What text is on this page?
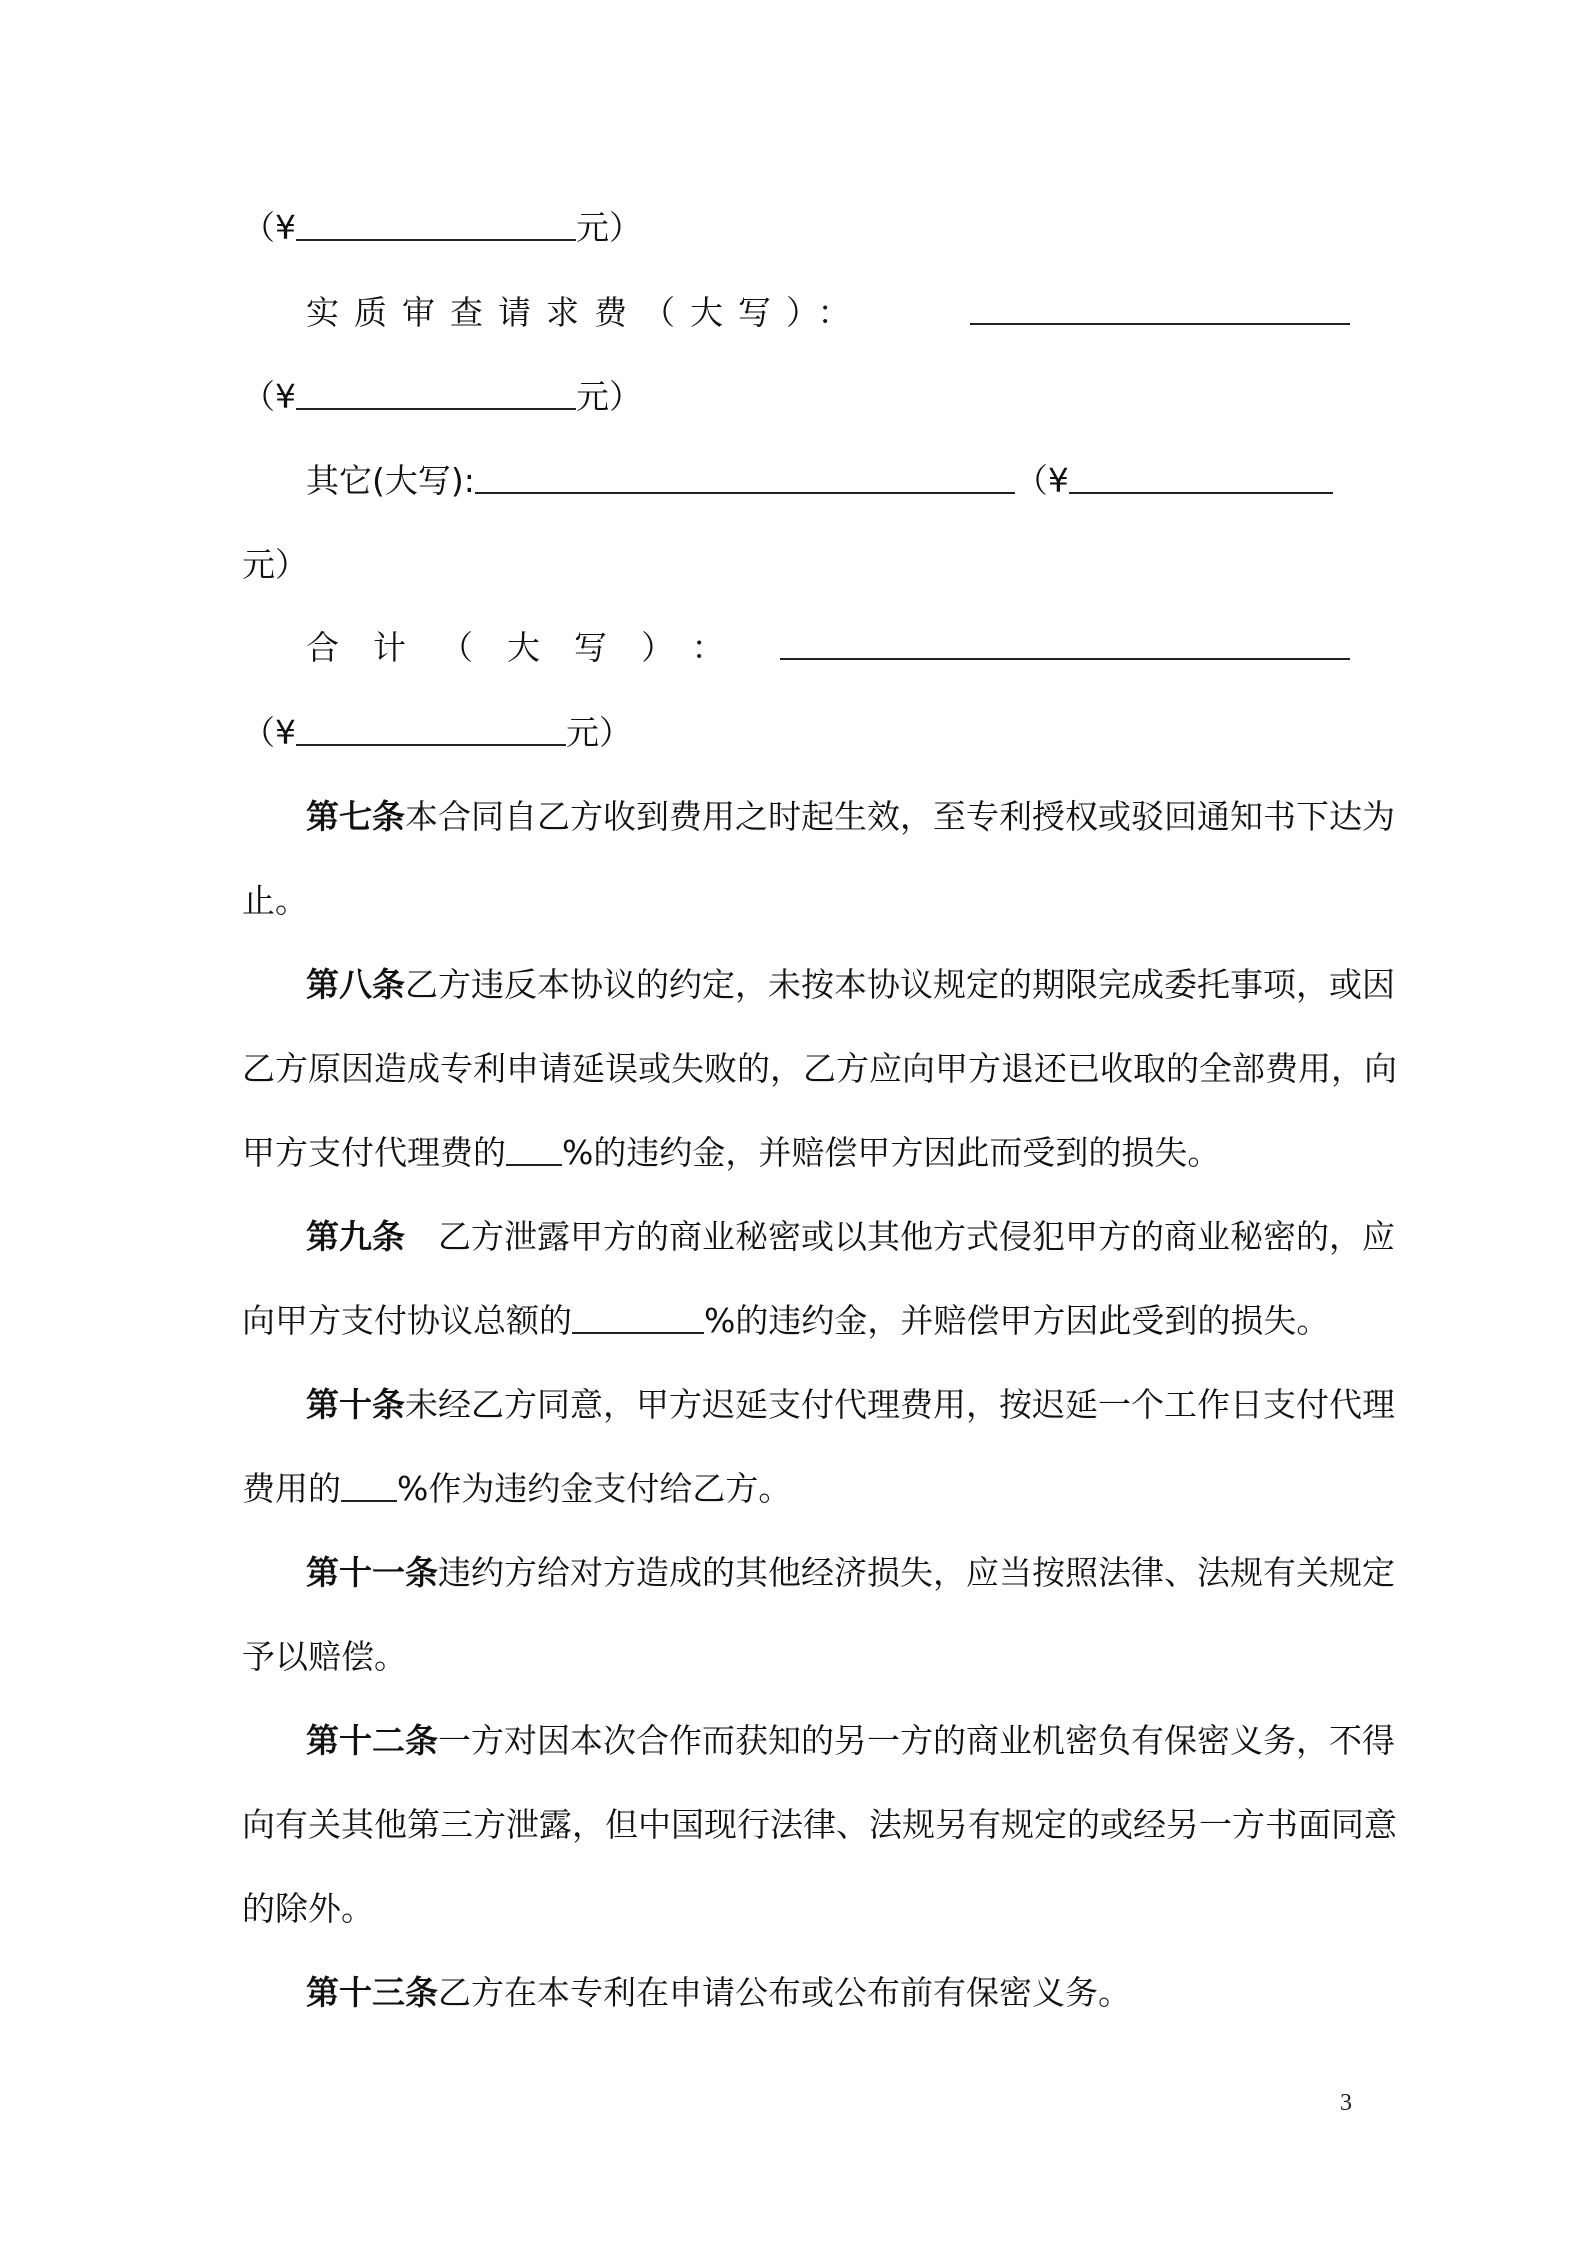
（¥	元）
实质审查请求费（大写）：
（¥	元）
其它(大写):	（¥
元）
合计（大写）：
（¥	元）
第七条本合同自乙方收到费用之时起生效，至专利授权或驳回通知书下达为
止。
第八条乙方违反本协议的约定，未按本协议规定的期限完成委托事项，或因
乙方原因造成专利申请延误或失败的，乙方应向甲方退还已收取的全部费用，向
甲方支付代理费的 %的违约金，并赔偿甲方因此而受到的损失。
第九条　乙方泄露甲方的商业秘密或以其他方式侵犯甲方的商业秘密的，应
向甲方支付协议总额的	%的违约金，并赔偿甲方因此受到的损失。
第十条未经乙方同意，甲方迟延支付代理费用，按迟延一个工作日支付代理
费用的 %作为违约金支付给乙方。
第十一条违约方给对方造成的其他经济损失，应当按照法律、法规有关规定
予以赔偿。
第十二条一方对因本次合作而获知的另一方的商业机密负有保密义务，不得
向有关其他第三方泄露，但中国现行法律、法规另有规定的或经另一方书面同意
的除外。
第十三条乙方在本专利在申请公布或公布前有保密义务。
3
